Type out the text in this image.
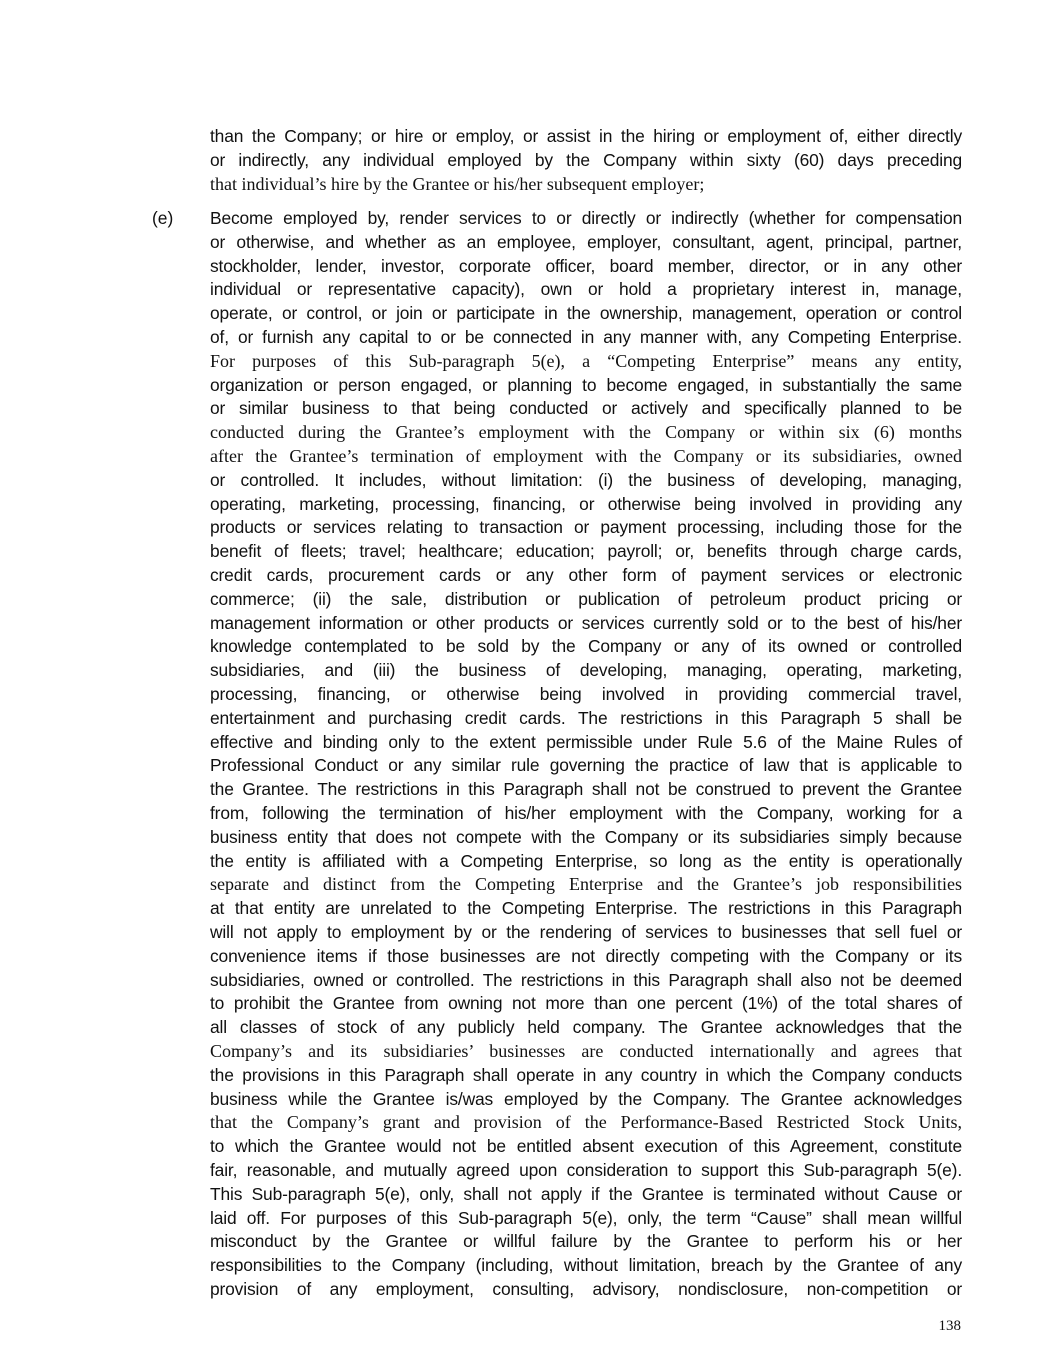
than the Company; or hire or employ, or assist in the hiring or employment of, either directly

or indirectly, any individual employed by the Company within sixty (60) days preceding

that individual’s hire by the Grantee or his/her subsequent employer;

Become employed by, render services to or directly or indirectly (whether for compensation

or otherwise, and whether as an employee, employer, consultant, agent, principal, partner,

stockholder, lender, investor, corporate officer, board member, director, or in any other

individual or representative capacity), own or hold a proprietary interest in, manage,

operate, or control, or join or participate in the ownership, management, operation or control

of, or furnish any capital to or be connected in any manner with, any Competing Enterprise.

For purposes of this Sub-paragraph 5(e), a “Competing Enterprise” means any entity,

organization or person engaged, or planning to become engaged, in substantially the same

or similar business to that being conducted or actively and specifically planned to be

conducted during the Grantee’s employment with the Company or within six (6) months

after the Grantee’s termination of employment with the Company or its subsidiaries, owned

or controlled. It includes, without limitation: (i) the business of developing, managing,

operating, marketing, processing, financing, or otherwise being involved in providing any

products or services relating to transaction or payment processing, including those for the

benefit of fleets; travel; healthcare; education; payroll; or, benefits through charge cards,

credit cards, procurement cards or any other form of payment services or electronic

commerce; (ii) the sale, distribution or publication of petroleum product pricing or

management information or other products or services currently sold or to the best of his/her

knowledge contemplated to be sold by the Company or any of its owned or controlled

subsidiaries, and (iii) the business of developing, managing, operating, marketing,

processing, financing, or otherwise being involved in providing commercial travel,

entertainment and purchasing credit cards. The restrictions in this Paragraph 5 shall be

effective and binding only to the extent permissible under Rule 5.6 of the Maine Rules of

Professional Conduct or any similar rule governing the practice of law that is applicable to

the Grantee. The restrictions in this Paragraph shall not be construed to prevent the Grantee

from, following the termination of his/her employment with the Company, working for a

business entity that does not compete with the Company or its subsidiaries simply because

the entity is affiliated with a Competing Enterprise, so long as the entity is operationally

separate and distinct from the Competing Enterprise and the Grantee’s job responsibilities

at that entity are unrelated to the Competing Enterprise. The restrictions in this Paragraph

will not apply to employment by or the rendering of services to businesses that sell fuel or

convenience items if those businesses are not directly competing with the Company or its

subsidiaries, owned or controlled. The restrictions in this Paragraph shall also not be deemed

to prohibit the Grantee from owning not more than one percent (1%) of the total shares of

all classes of stock of any publicly held company. The Grantee acknowledges that the

Company’s and its subsidiaries’ businesses are conducted internationally and agrees that

the provisions in this Paragraph shall operate in any country in which the Company conducts

business while the Grantee is/was employed by the Company. The Grantee acknowledges

that the Company’s grant and provision of the Performance-Based Restricted Stock Units,

to which the Grantee would not be entitled absent execution of this Agreement, constitute

fair, reasonable, and mutually agreed upon consideration to support this Sub-paragraph 5(e).

This Sub-paragraph 5(e), only, shall not apply if the Grantee is terminated without Cause or

laid off. For purposes of this Sub-paragraph 5(e), only, the term “Cause” shall mean willful

misconduct by the Grantee or willful failure by the Grantee to perform his or her

responsibilities to the Company (including, without limitation, breach by the Grantee of any

provision of any employment, consulting, advisory, nondisclosure, non-competition or

(e)

138
